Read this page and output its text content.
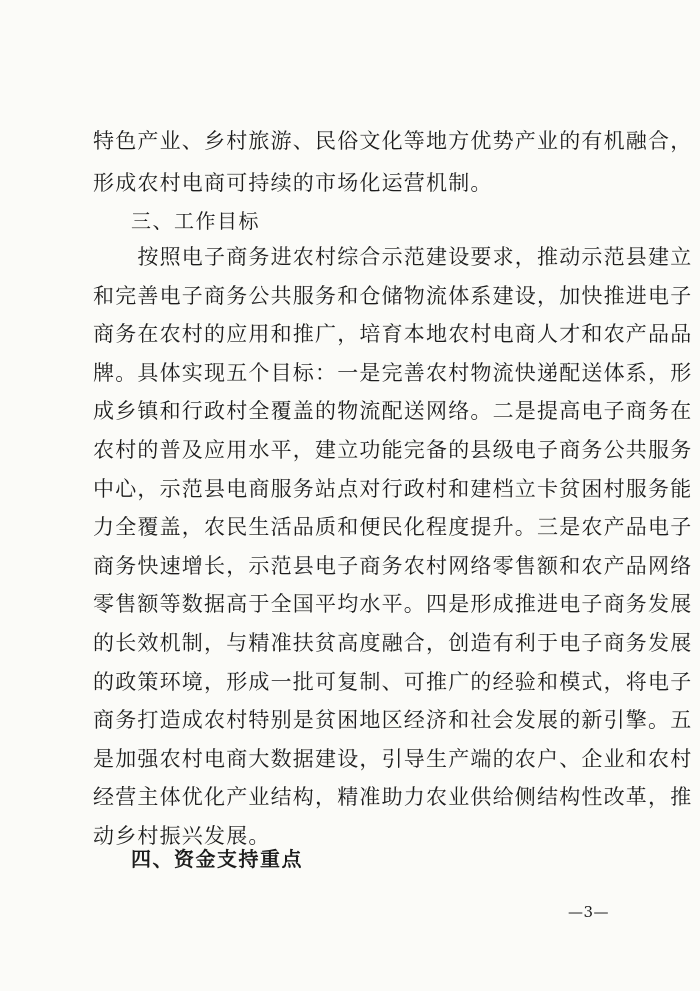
特色产业、乡村旅游、民俗文化等地方优势产业的有机融合，
形成农村电商可持续的市场化运营机制。
三、工作目标
　　按照电子商务进农村综合示范建设要求，推动示范县建立
和完善电子商务公共服务和仓储物流体系建设，加快推进电子
商务在农村的应用和推广，培育本地农村电商人才和农产品品
牌。具体实现五个目标：一是完善农村物流快递配送体系，形
成乡镇和行政村全覆盖的物流配送网络。二是提高电子商务在
农村的普及应用水平，建立功能完备的县级电子商务公共服务
中心，示范县电商服务站点对行政村和建档立卡贫困村服务能
力全覆盖，农民生活品质和便民化程度提升。三是农产品电子
商务快速增长，示范县电子商务农村网络零售额和农产品网络
零售额等数据高于全国平均水平。四是形成推进电子商务发展
的长效机制，与精准扶贫高度融合，创造有利于电子商务发展
的政策环境，形成一批可复制、可推广的经验和模式，将电子
商务打造成农村特别是贫困地区经济和社会发展的新引擎。五
是加强农村电商大数据建设，引导生产端的农户、企业和农村
经营主体优化产业结构，精准助力农业供给侧结构性改革，推
动乡村振兴发展。
四、资金支持重点
—3—
